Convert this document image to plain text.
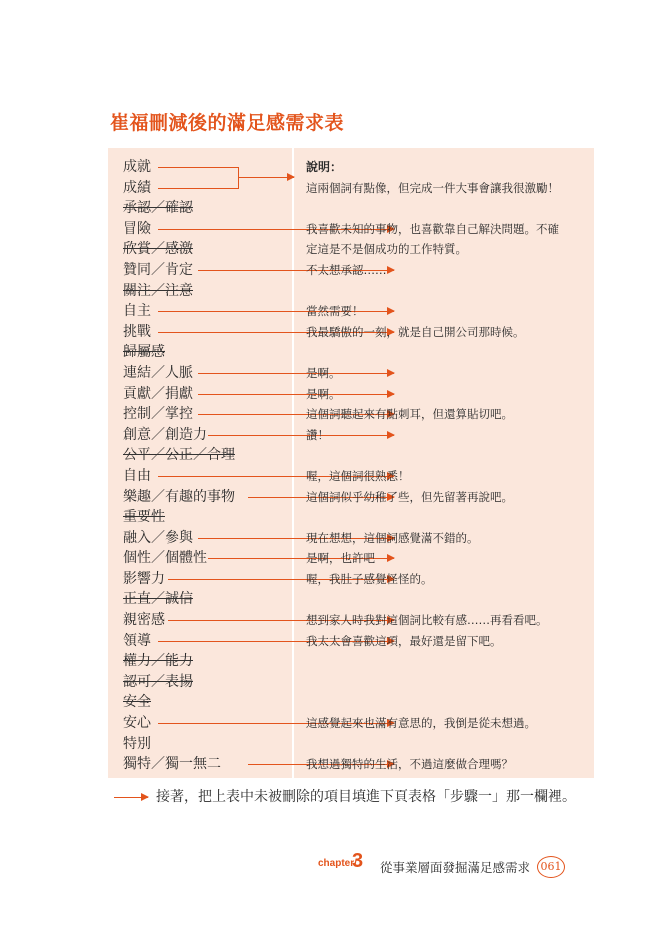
崔福刪減後的滿足感需求表
成就	說明：
成績	這兩個詞有點像，但完成一件大事會讓我很激勵！
承認／確認
冒險	我喜歡未知的事物，也喜歡靠自己解決問題。不確
欣賞／感激	定這是不是個成功的工作特質。
贊同／肯定	不太想承認……
關注／注意
自主	當然需要！
挑戰	我最驕傲的一刻，就是自己開公司那時候。
歸屬感
連結／人脈	是啊。
貢獻／捐獻	是啊。
控制／掌控	這個詞聽起來有點刺耳，但還算貼切吧。
創意／創造力	讚！
公平／公正／合理
自由	喔，這個詞很熟悉！
樂趣／有趣的事物	這個詞似乎幼稚了些，但先留著再說吧。
重要性
融入／參與	現在想想，這個詞感覺滿不錯的。
個性／個體性	是啊，也許吧
影響力	喔，我肚子感覺怪怪的。
正直／誠信
親密感	想到家人時我對這個詞比較有感……再看看吧。
領導	我太太會喜歡這項，最好還是留下吧。
權力／能力
認可／表揚
安全
安心	這感覺起來也滿有意思的，我倒是從未想過。
特別
獨特／獨一無二	我想過獨特的生活，不過這麼做合理嗎？
接著，把上表中未被刪除的項目填進下頁表格「步驟一」那一欄裡。
chapter/
3 從事業層面發掘滿足感需求 061
